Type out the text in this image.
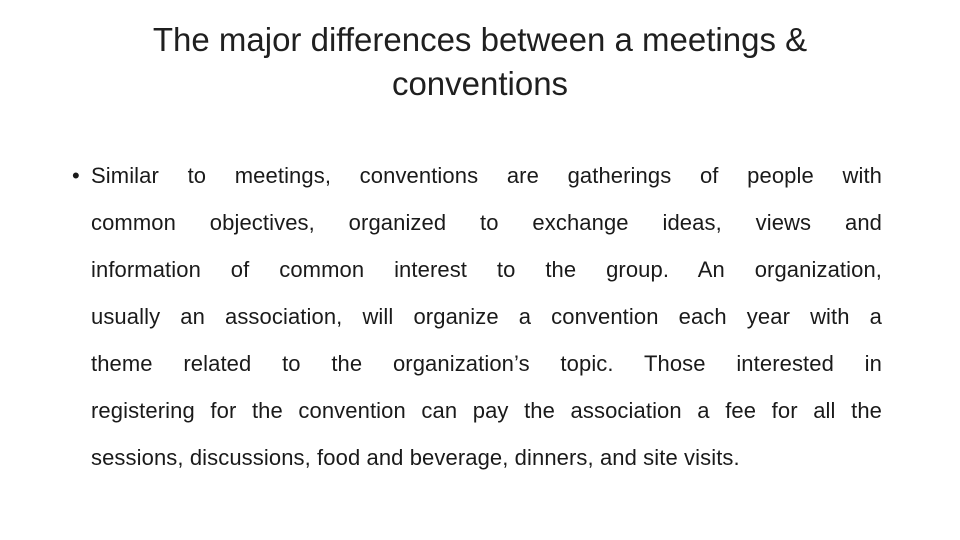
The major differences between a meetings &
conventions
• Similar to meetings, conventions are gatherings of people with
common objectives, organized to exchange ideas, views and
information of common interest to the group. An organization,
usually an association, will organize a convention each year with a
theme related to the organization’s topic. Those interested in
registering for the convention can pay the association a fee for all the
sessions, discussions, food and beverage, dinners, and site visits.
